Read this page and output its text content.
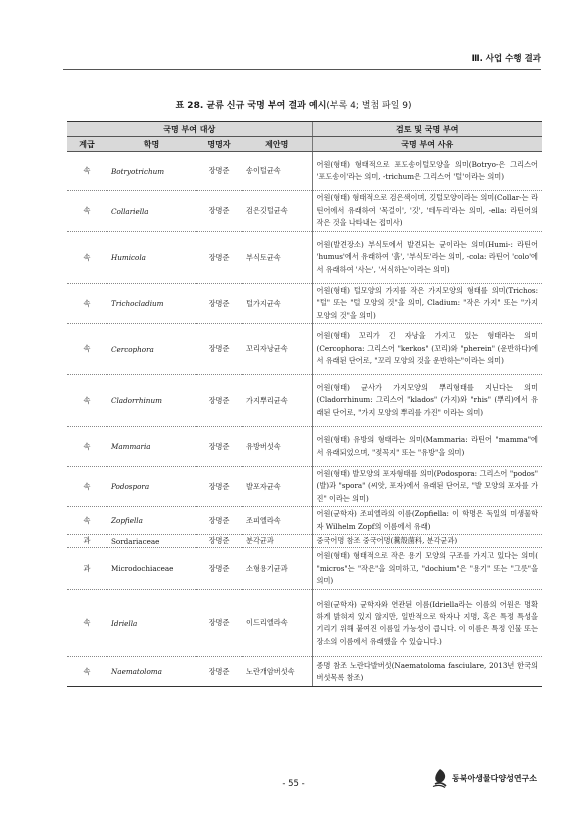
Ⅲ. 사업 수행 결과
표 28. 균류 신규 국명 부여 결과 예시(부록 4; 별첨 파일 9)
국명 부여 대상				검토 및 국명 부여
계급	학명	명명자	제안명	국명 부여 사유
속	Botryotrichum	장명준	송이털균속	어원(형태) 형태적으로 포도송이털모양을 의미(Botryo-은 그리스어 '포도송이'라는 의미, -trichum은 그리스어 '털'이라는 의미)
속	Collariella	장명준	검은깃털균속	어원(형태) 형태적으로 검은색이며, 깃털모양이라는 의미(Collar-는 라틴어에서 유래하여 '목걸이', '깃', '테두리'라는 의미, -ella: 라틴어의 작은 것을 나타내는 접미사)
속	Humicola	장명준	부식토균속	어원(발견장소) 부식토에서 발견되는 균이라는 의미(Humi-: 라틴어 'humus'에서 유래하여 '흙', '부식토'라는 의미, -cola: 라틴어 'colo'에서 유래하여 '사는', '서식하는'이라는 의미)
속	Trichocladium	장명준	털가지균속	어원(형태) 털모양의 가지를 작은 가지모양의 형태를 의미(Trichos: "털" 또는 "털 모양의 것"을 의미, Cladium: "작은 가지" 또는 "가지 모양의 것"을 의미)
속	Cercophora	장명준	꼬리자낭균속	어원(형태) 꼬리가 긴 자낭을 가지고 있는 형태라는 의미(Cercophora: 그리스어 "kerkos" (꼬리)와 "pherein" (운반하다)에서 유래된 단어로, "꼬리 모양의 것을 운반하는"이라는 의미)
속	Cladorrhinum	장명준	가지뿌리균속	어원(형태) 균사가 가지모양의 뿌리형태를 지닌다는 의미(Cladorrhinum: 그리스어 "klados" (가지)와 "rhis" (뿌리)에서 유래된 단어로, "가지 모양의 뿌리를 가진" 이라는 의미)
속	Mammaria	장명준	유방버섯속	어원(형태) 유방의 형태라는 의미(Mammaria: 라틴어 "mamma"에서 유래되었으며, "젖꼭지" 또는 "유방"을 의미)
속	Podospora	장명준	발포자균속	어원(형태) 발모양의 포자형태를 의미(Podospora: 그리스어 "podos" (발)과 "spora" (씨앗, 포자)에서 유래된 단어로, "발 모양의 포자를 가진" 이라는 의미)
속	Zopfiella	장명준	조피엘라속	어원(균학자) 조피엘라의 이름(Zopfiella: 이 학명은 독일의 미생물학자 Wilhelm Zopf의 이름에서 유래)
과	Sordariaceae	장명준	분각균과	중국어명 참조 중국어명(糞殼菌科, 분각균과)
과	Microdochiaceae	장명준	소형용기균과	어원(형태) 형태적으로 작은 용기 모양의 구조를 가지고 있다는 의미( "micros"는 "작은"을 의미하고, "dochium"은 "용기" 또는 "그릇"을 의미)
속	Idriella	장명준	이드리엘라속	어원(균학자) 균학자와 연관된 이름(Idriella라는 이름의 어원은 명확하게 밝혀져 있지 않지만, 일반적으로 학자나 지명, 혹은 특정 특성을 기리기 위해 붙여진 이름일 가능성이 큽니다. 이 이름은 특정 인물 또는 장소의 이름에서 유래했을 수 있습니다.)
속	Naematoloma	장명준	노란개암버섯속	종명 참조 노란다발버섯(Naematoloma fasciulare, 2013년 한국의 버섯목록 참조)
- 55 -
동북아생물다양성연구소
